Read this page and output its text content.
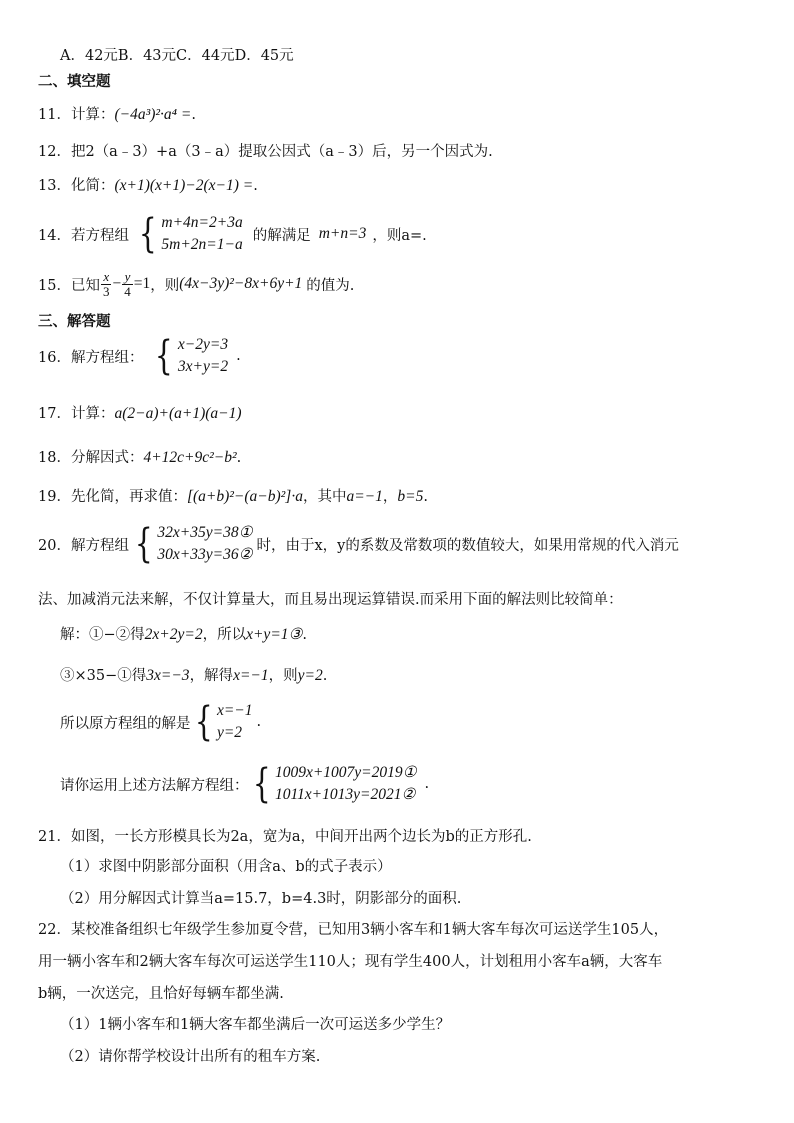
A．42元B．43元C．44元D．45元
二、填空题
11．计算：(−4a³)²·a⁴ =.
12．把2（a﹣3）+a（3﹣a）提取公因式（a﹣3）后，另一个因式为.
13．化简：(x+1)(x+1)−2(x−1) =.
14． 若方程组 { m+4n=2+3a
5m+2n=1−a
的解满足 m+n=3 ，则a=.
15． 已知 $\frac{x}{3} - \frac{y}{4} =1$ ，则 (4x−3y)²−8x+6y+1 的值为.
三、解答题
16． 解方程组： { x−2y=3
3x+y=2
.
17．计算：a(2−a)+(a+1)(a−1)
18．分解因式：4+12c+9c²−b².
19．先化简，再求值：[(a+b)²−(a−b)²]·a，其中a=−1，b=5.
20． 解方程组 { 32x+35y=38①
30x+33y=36②
时，由于x，y的系数及常数项的数值较大，如果用常规的代入消元
法、加减消元法来解，不仅计算量大，而且易出现运算错误.而采用下面的解法则比较简单：
解：①−②得2x+2y=2，所以x+y=1③.
③×35−①得3x=−3，解得x=−1，则y=2.
所以原方程组的解是 { x=−1
y=2
.
请你运用上述方法解方程组： { 1009x+1007y=2019①
1011x+1013y=2021②
.
21．如图，一长方形模具长为2a，宽为a，中间开出两个边长为b的正方形孔.
（1）求图中阴影部分面积（用含a、b的式子表示）
（2）用分解因式计算当a=15.7，b=4.3时，阴影部分的面积.
22．某校准备组织七年级学生参加夏令营，已知用3辆小客车和1辆大客车每次可运送学生105人，
用一辆小客车和2辆大客车每次可运送学生110人；现有学生400人，计划租用小客车a辆，大客车
b辆，一次送完，且恰好每辆车都坐满.
（1）1辆小客车和1辆大客车都坐满后一次可运送多少学生？
（2）请你帮学校设计出所有的租车方案.
